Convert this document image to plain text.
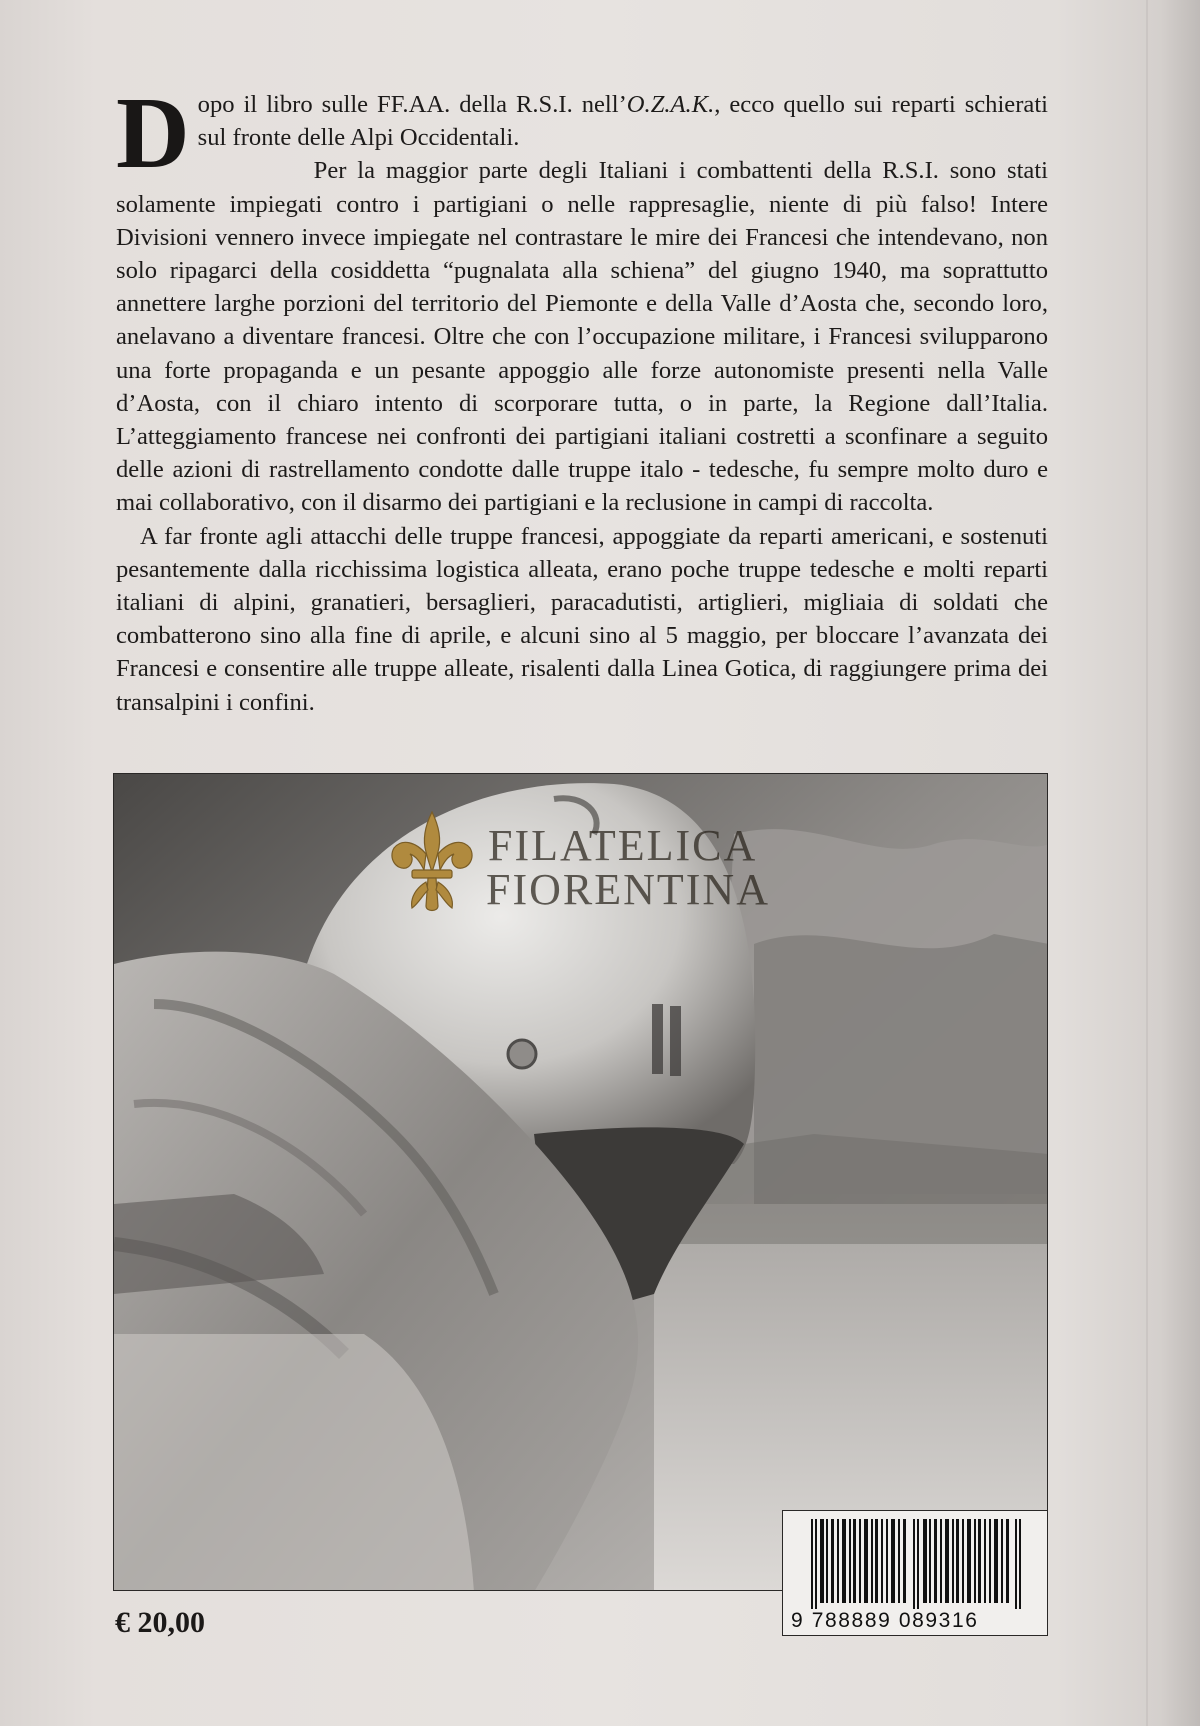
Dopo il libro sulle FF.AA. della R.S.I. nell’O.Z.A.K., ecco quello sui reparti schierati sul fronte delle Alpi Occidentali.

Per la maggior parte degli Italiani i combattenti della R.S.I. sono stati solamente impiegati contro i partigiani o nelle rappresaglie, niente di più falso! Intere Divisioni vennero invece impiegate nel contrastare le mire dei Francesi che intendevano, non solo ripagarci della cosiddetta “pugnalata alla schiena” del giugno 1940, ma soprattutto annettere larghe porzioni del territorio del Piemonte e della Valle d’Aosta che, secondo loro, anelavano a diventare francesi. Oltre che con l’occupazione militare, i Francesi svilupparono una forte propaganda e un pesante appoggio alle forze autonomiste presenti nella Valle d’Aosta, con il chiaro intento di scorporare tutta, o in parte, la Regione dall’Italia. L’atteggiamento francese nei confronti dei partigiani italiani costretti a sconfinare a seguito delle azioni di rastrellamento condotte dalle truppe italo - tedesche, fu sempre molto duro e mai collaborativo, con il disarmo dei partigiani e la reclusione in campi di raccolta.

A far fronte agli attacchi delle truppe francesi, appoggiate da reparti americani, e sostenuti pesantemente dalla ricchissima logistica alleata, erano poche truppe tedesche e molti reparti italiani di alpini, granatieri, bersaglieri, paracadutisti, artiglieri, migliaia di soldati che combatterono sino alla fine di aprile, e alcuni sino al 5 maggio, per bloccare l’avanzata dei Francesi e consentire alle truppe alleate, risalenti dalla Linea Gotica, di raggiungere prima dei transalpini i confini.

FILATELICA
FIORENTINA
€ 20,00	9 788889 089316
